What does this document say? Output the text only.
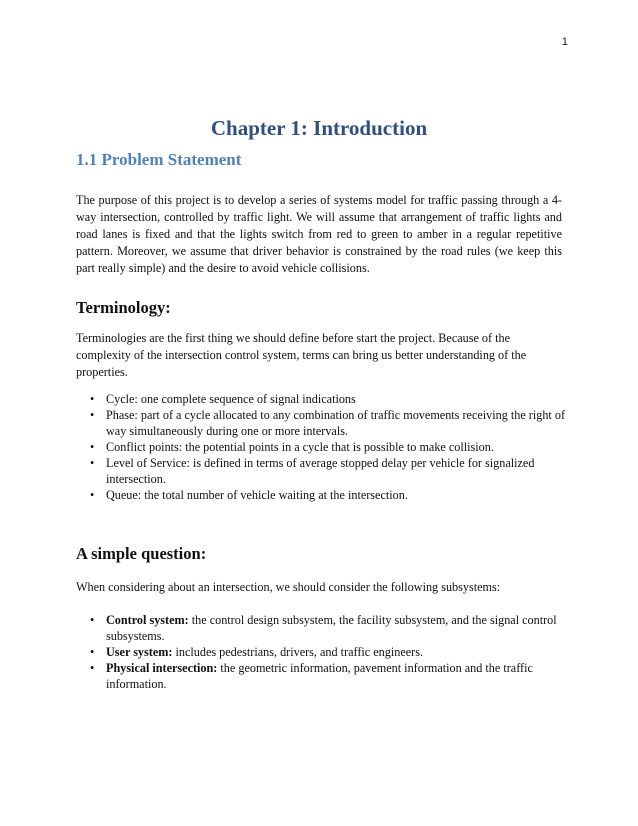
1
Chapter 1: Introduction
1.1 Problem Statement

The purpose of this project is to develop a series of systems model for traffic passing through a 4-way intersection, controlled by traffic light. We will assume that arrangement of traffic lights and road lanes is fixed and that the lights switch from red to green to amber in a regular repetitive pattern. Moreover, we assume that driver behavior is constrained by the road rules (we keep this part really simple) and the desire to avoid vehicle collisions.

Terminology:

Terminologies are the first thing we should define before start the project. Because of the complexity of the intersection control system, terms can bring us better understanding of the properties.

• Cycle: one complete sequence of signal indications
• Phase: part of a cycle allocated to any combination of traffic movements receiving the right of way simultaneously during one or more intervals.
• Conflict points: the potential points in a cycle that is possible to make collision.
• Level of Service: is defined in terms of average stopped delay per vehicle for signalized intersection.
• Queue: the total number of vehicle waiting at the intersection.
A simple question:

When considering about an intersection, we should consider the following subsystems:

• Control system: the control design subsystem, the facility subsystem, and the signal control subsystems.
• User system: includes pedestrians, drivers, and traffic engineers.
• Physical intersection: the geometric information, pavement information and the traffic information.
